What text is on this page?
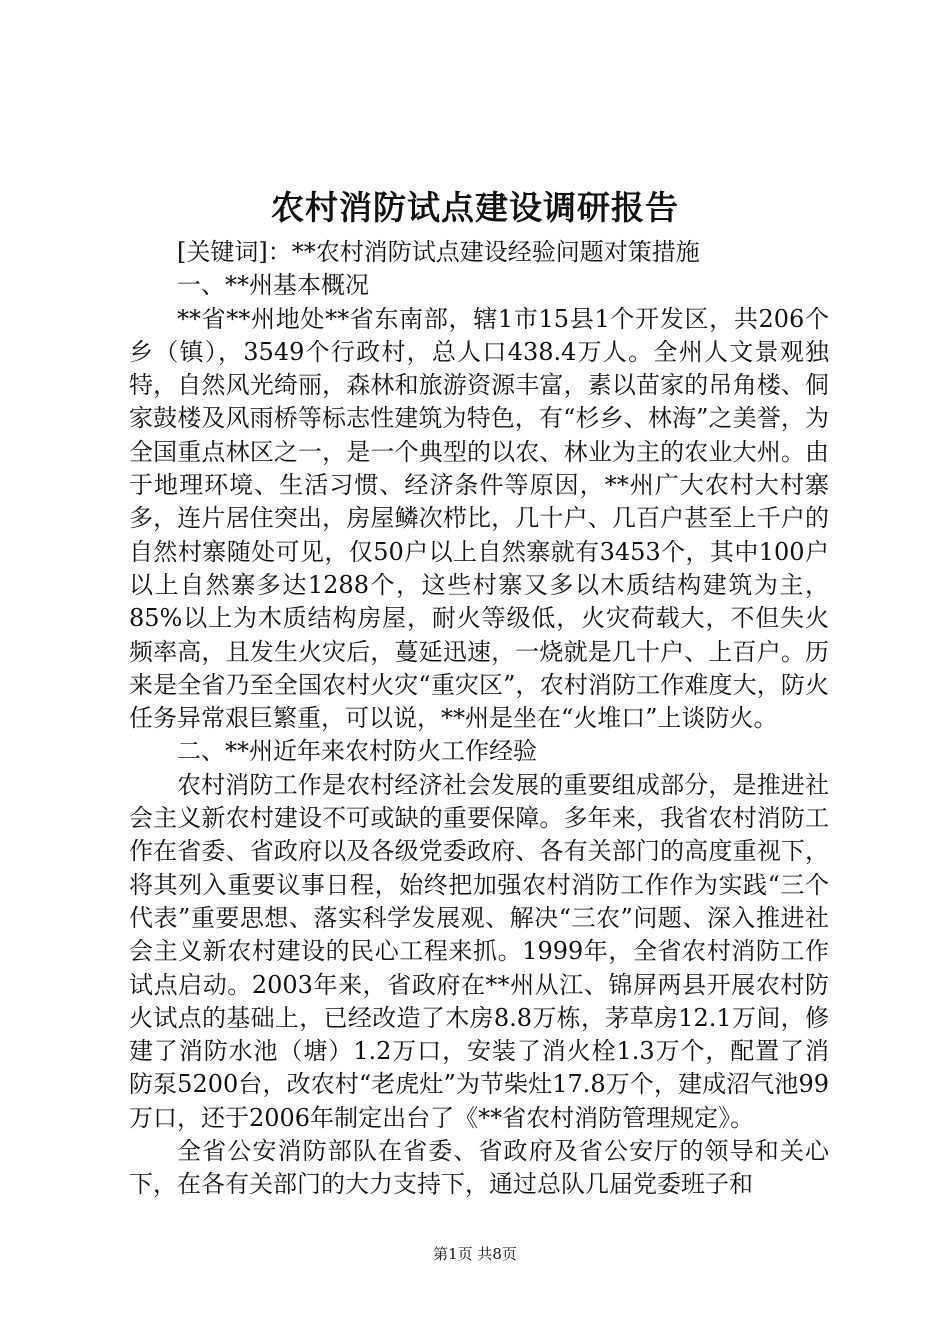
农村消防试点建设调研报告

[关键词]：**农村消防试点建设经验问题对策措施

一、**州基本概况

**省**州地处**省东南部，辖1市15县1个开发区，共206个乡（镇），3549个行政村，总人口438.4万人。全州人文景观独特，自然风光绮丽，森林和旅游资源丰富，素以苗家的吊角楼、侗家鼓楼及风雨桥等标志性建筑为特色，有“杉乡、林海”之美誉，为全国重点林区之一，是一个典型的以农、林业为主的农业大州。由于地理环境、生活习惯、经济条件等原因，**州广大农村大村寨多，连片居住突出，房屋鳞次栉比，几十户、几百户甚至上千户的自然村寨随处可见，仅50户以上自然寨就有3453个，其中100户以上自然寨多达1288个，这些村寨又多以木质结构建筑为主，85%以上为木质结构房屋，耐火等级低，火灾荷载大，不但失火频率高，且发生火灾后，蔓延迅速，一烧就是几十户、上百户。历来是全省乃至全国农村火灾“重灾区”，农村消防工作难度大，防火任务异常艰巨繁重，可以说，**州是坐在“火堆口”上谈防火。

二、**州近年来农村防火工作经验

农村消防工作是农村经济社会发展的重要组成部分，是推进社会主义新农村建设不可或缺的重要保障。多年来，我省农村消防工作在省委、省政府以及各级党委政府、各有关部门的高度重视下，将其列入重要议事日程，始终把加强农村消防工作作为实践“三个代表”重要思想、落实科学发展观、解决“三农”问题、深入推进社会主义新农村建设的民心工程来抓。1999年，全省农村消防工作试点启动。2003年来，省政府在**州从江、锦屏两县开展农村防火试点的基础上，已经改造了木房8.8万栋，茅草房12.1万间，修建了消防水池（塘）1.2万口，安装了消火栓1.3万个，配置了消防泵5200台，改农村“老虎灶”为节柴灶17.8万个，建成沼气池99万口，还于2006年制定出台了《**省农村消防管理规定》。

全省公安消防部队在省委、省政府及省公安厅的领导和关心下，在各有关部门的大力支持下，通过总队几届党委班子和

第1页 共8页
